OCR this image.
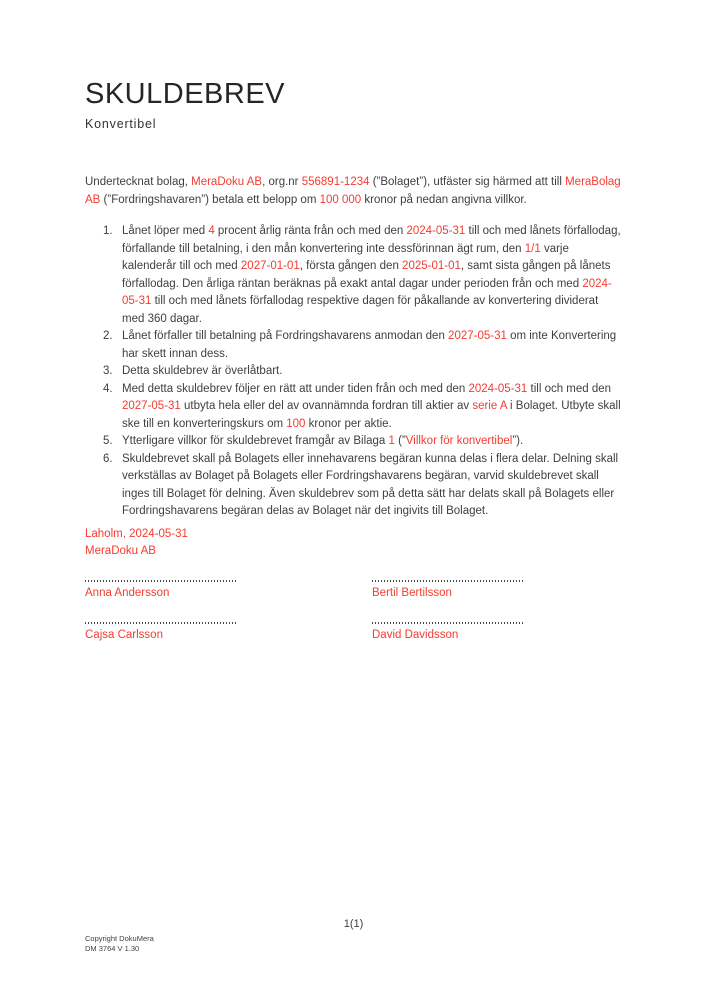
SKULDEBREV
Konvertibel

Undertecknat bolag, MeraDoku AB, org.nr 556891-1234 (”Bolaget”), utfäster sig härmed att till MeraBolag AB (”Fordringshavaren”) betala ett belopp om 100 000 kronor på nedan angivna villkor.

1. Lånet löper med 4 procent årlig ränta från och med den 2024-05-31 till och med lånets förfallodag, förfallande till betalning, i den mån konvertering inte dessförinnan ägt rum, den 1/1 varje kalenderår till och med 2027-01-01, första gången den 2025-01-01, samt sista gången på lånets förfallodag. Den årliga räntan beräknas på exakt antal dagar under perioden från och med 2024-05-31 till och med lånets förfallodag respektive dagen för påkallande av konvertering dividerat med 360 dagar.
2. Lånet förfaller till betalning på Fordringshavarens anmodan den 2027-05-31 om inte Konvertering har skett innan dess.
3. Detta skuldebrev är överlåtbart.
4. Med detta skuldebrev följer en rätt att under tiden från och med den 2024-05-31 till och med den 2027-05-31 utbyta hela eller del av ovannämnda fordran till aktier av serie A i Bolaget. Utbyte skall ske till en konverteringskurs om 100 kronor per aktie.
5. Ytterligare villkor för skuldebrevet framgår av Bilaga 1 (”Villkor för konvertibel”).
6. Skuldebrevet skall på Bolagets eller innehavarens begäran kunna delas i flera delar. Delning skall verkställas av Bolaget på Bolagets eller Fordringshavarens begäran, varvid skuldebrevet skall inges till Bolaget för delning. Även skuldebrev som på detta sätt har delats skall på Bolagets eller Fordringshavarens begäran delas av Bolaget när det ingivits till Bolaget.
Laholm, 2024-05-31
MeraDoku AB
Anna Andersson	Bertil Bertilsson
Cajsa Carlsson	David Davidsson
1(1)
Copyright DokuMera
DM 3764 V 1.30
